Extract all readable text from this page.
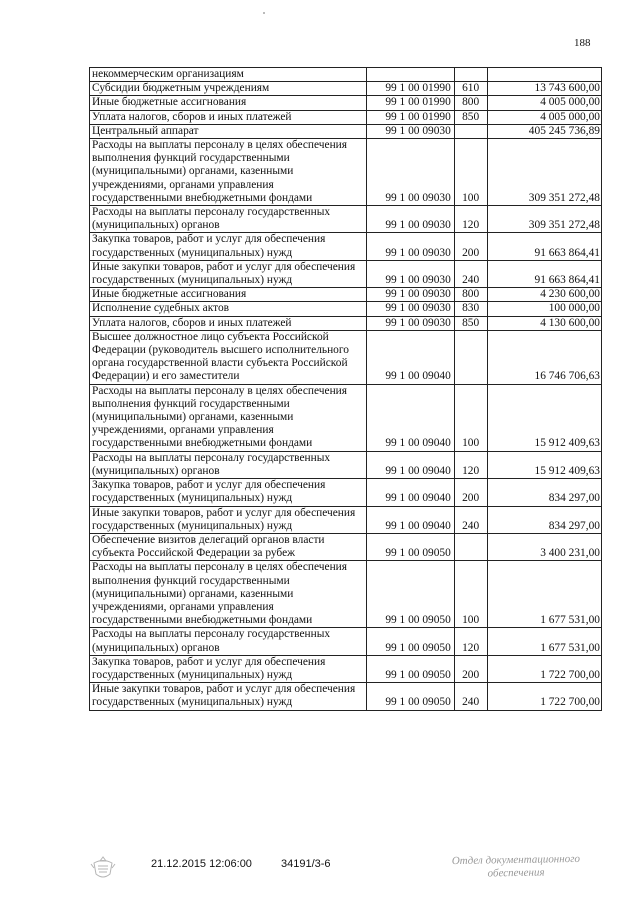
188
некоммерческим организациям			
Субсидии бюджетным учреждениям	99 1 00 01990	610	13 743 600,00
Иные бюджетные ассигнования	99 1 00 01990	800	4 005 000,00
Уплата налогов, сборов и иных платежей	99 1 00 01990	850	4 005 000,00
Центральный аппарат	99 1 00 09030		405 245 736,89
Расходы на выплаты персоналу в целях обеспечения выполнения функций государственными (муниципальными) органами, казенными учреждениями, органами управления государственными внебюджетными фондами	99 1 00 09030	100	309 351 272,48
Расходы на выплаты персоналу государственных (муниципальных) органов	99 1 00 09030	120	309 351 272,48
Закупка товаров, работ и услуг для обеспечения государственных (муниципальных) нужд	99 1 00 09030	200	91 663 864,41
Иные закупки товаров, работ и услуг для обеспечения государственных (муниципальных) нужд	99 1 00 09030	240	91 663 864,41
Иные бюджетные ассигнования	99 1 00 09030	800	4 230 600,00
Исполнение судебных актов	99 1 00 09030	830	100 000,00
Уплата налогов, сборов и иных платежей	99 1 00 09030	850	4 130 600,00
Высшее должностное лицо субъекта Российской Федерации (руководитель высшего исполнительного органа государственной власти субъекта Российской Федерации) и его заместители	99 1 00 09040		16 746 706,63
Расходы на выплаты персоналу в целях обеспечения выполнения функций государственными (муниципальными) органами, казенными учреждениями, органами управления государственными внебюджетными фондами	99 1 00 09040	100	15 912 409,63
Расходы на выплаты персоналу государственных (муниципальных) органов	99 1 00 09040	120	15 912 409,63
Закупка товаров, работ и услуг для обеспечения государственных (муниципальных) нужд	99 1 00 09040	200	834 297,00
Иные закупки товаров, работ и услуг для обеспечения государственных (муниципальных) нужд	99 1 00 09040	240	834 297,00
Обеспечение визитов делегаций органов власти субъекта Российской Федерации за рубеж	99 1 00 09050		3 400 231,00
Расходы на выплаты персоналу в целях обеспечения выполнения функций государственными (муниципальными) органами, казенными учреждениями, органами управления государственными внебюджетными фондами	99 1 00 09050	100	1 677 531,00
Расходы на выплаты персоналу государственных (муниципальных) органов	99 1 00 09050	120	1 677 531,00
Закупка товаров, работ и услуг для обеспечения государственных (муниципальных) нужд	99 1 00 09050	200	1 722 700,00
Иные закупки товаров, работ и услуг для обеспечения государственных (муниципальных) нужд	99 1 00 09050	240	1 722 700,00
21.12.2015 12:06:00	34191/3-6	Отдел документационного
обеспечения
